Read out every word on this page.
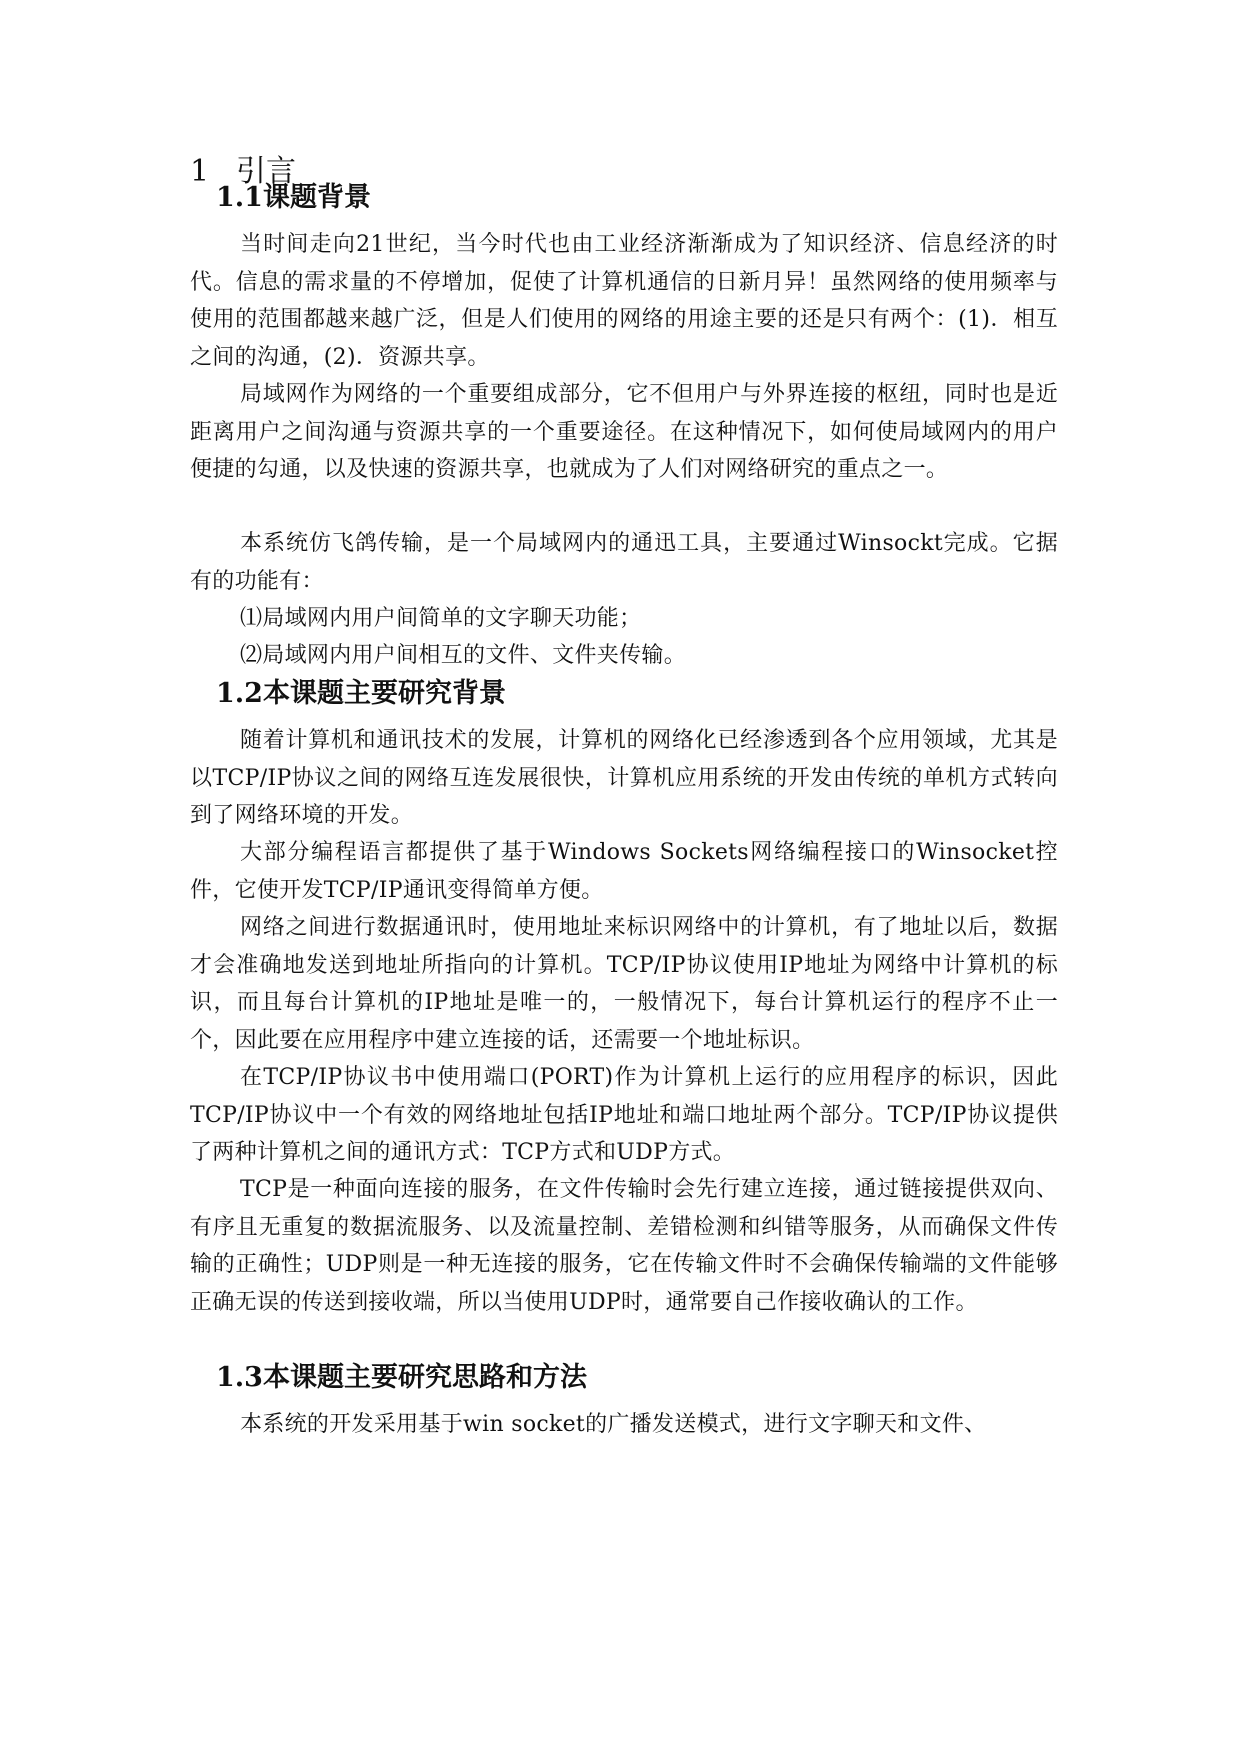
1 引言
1.1课题背景

当时间走向21世纪，当今时代也由工业经济渐渐成为了知识经济、信息经济的时代。信息的需求量的不停增加，促使了计算机通信的日新月异！虽然网络的使用频率与使用的范围都越来越广泛，但是人们使用的网络的用途主要的还是只有两个：(1)．相互之间的沟通，(2)．资源共享。

局域网作为网络的一个重要组成部分，它不但用户与外界连接的枢纽，同时也是近距离用户之间沟通与资源共享的一个重要途径。在这种情况下，如何使局域网内的用户便捷的勾通，以及快速的资源共享，也就成为了人们对网络研究的重点之一。

本系统仿飞鸽传输，是一个局域网内的通迅工具，主要通过Winsockt完成。它据有的功能有：

⑴局域网内用户间简单的文字聊天功能；

⑵局域网内用户间相互的文件、文件夹传输。

1.2本课题主要研究背景

随着计算机和通讯技术的发展，计算机的网络化已经渗透到各个应用领域，尤其是以TCP/IP协议之间的网络互连发展很快，计算机应用系统的开发由传统的单机方式转向到了网络环境的开发。

大部分编程语言都提供了基于Windows Sockets网络编程接口的Winsocket控件，它使开发TCP/IP通讯变得简单方便。

网络之间进行数据通讯时，使用地址来标识网络中的计算机，有了地址以后，数据才会准确地发送到地址所指向的计算机。TCP/IP协议使用IP地址为网络中计算机的标识，而且每台计算机的IP地址是唯一的，一般情况下，每台计算机运行的程序不止一个，因此要在应用程序中建立连接的话，还需要一个地址标识。

在TCP/IP协议书中使用端口(PORT)作为计算机上运行的应用程序的标识，因此TCP/IP协议中一个有效的网络地址包括IP地址和端口地址两个部分。TCP/IP协议提供了两种计算机之间的通讯方式：TCP方式和UDP方式。

TCP是一种面向连接的服务，在文件传输时会先行建立连接，通过链接提供双向、有序且无重复的数据流服务、以及流量控制、差错检测和纠错等服务，从而确保文件传输的正确性；UDP则是一种无连接的服务，它在传输文件时不会确保传输端的文件能够正确无误的传送到接收端，所以当使用UDP时，通常要自己作接收确认的工作。

1.3本课题主要研究思路和方法

本系统的开发采用基于win socket的广播发送模式，进行文字聊天和文件、
